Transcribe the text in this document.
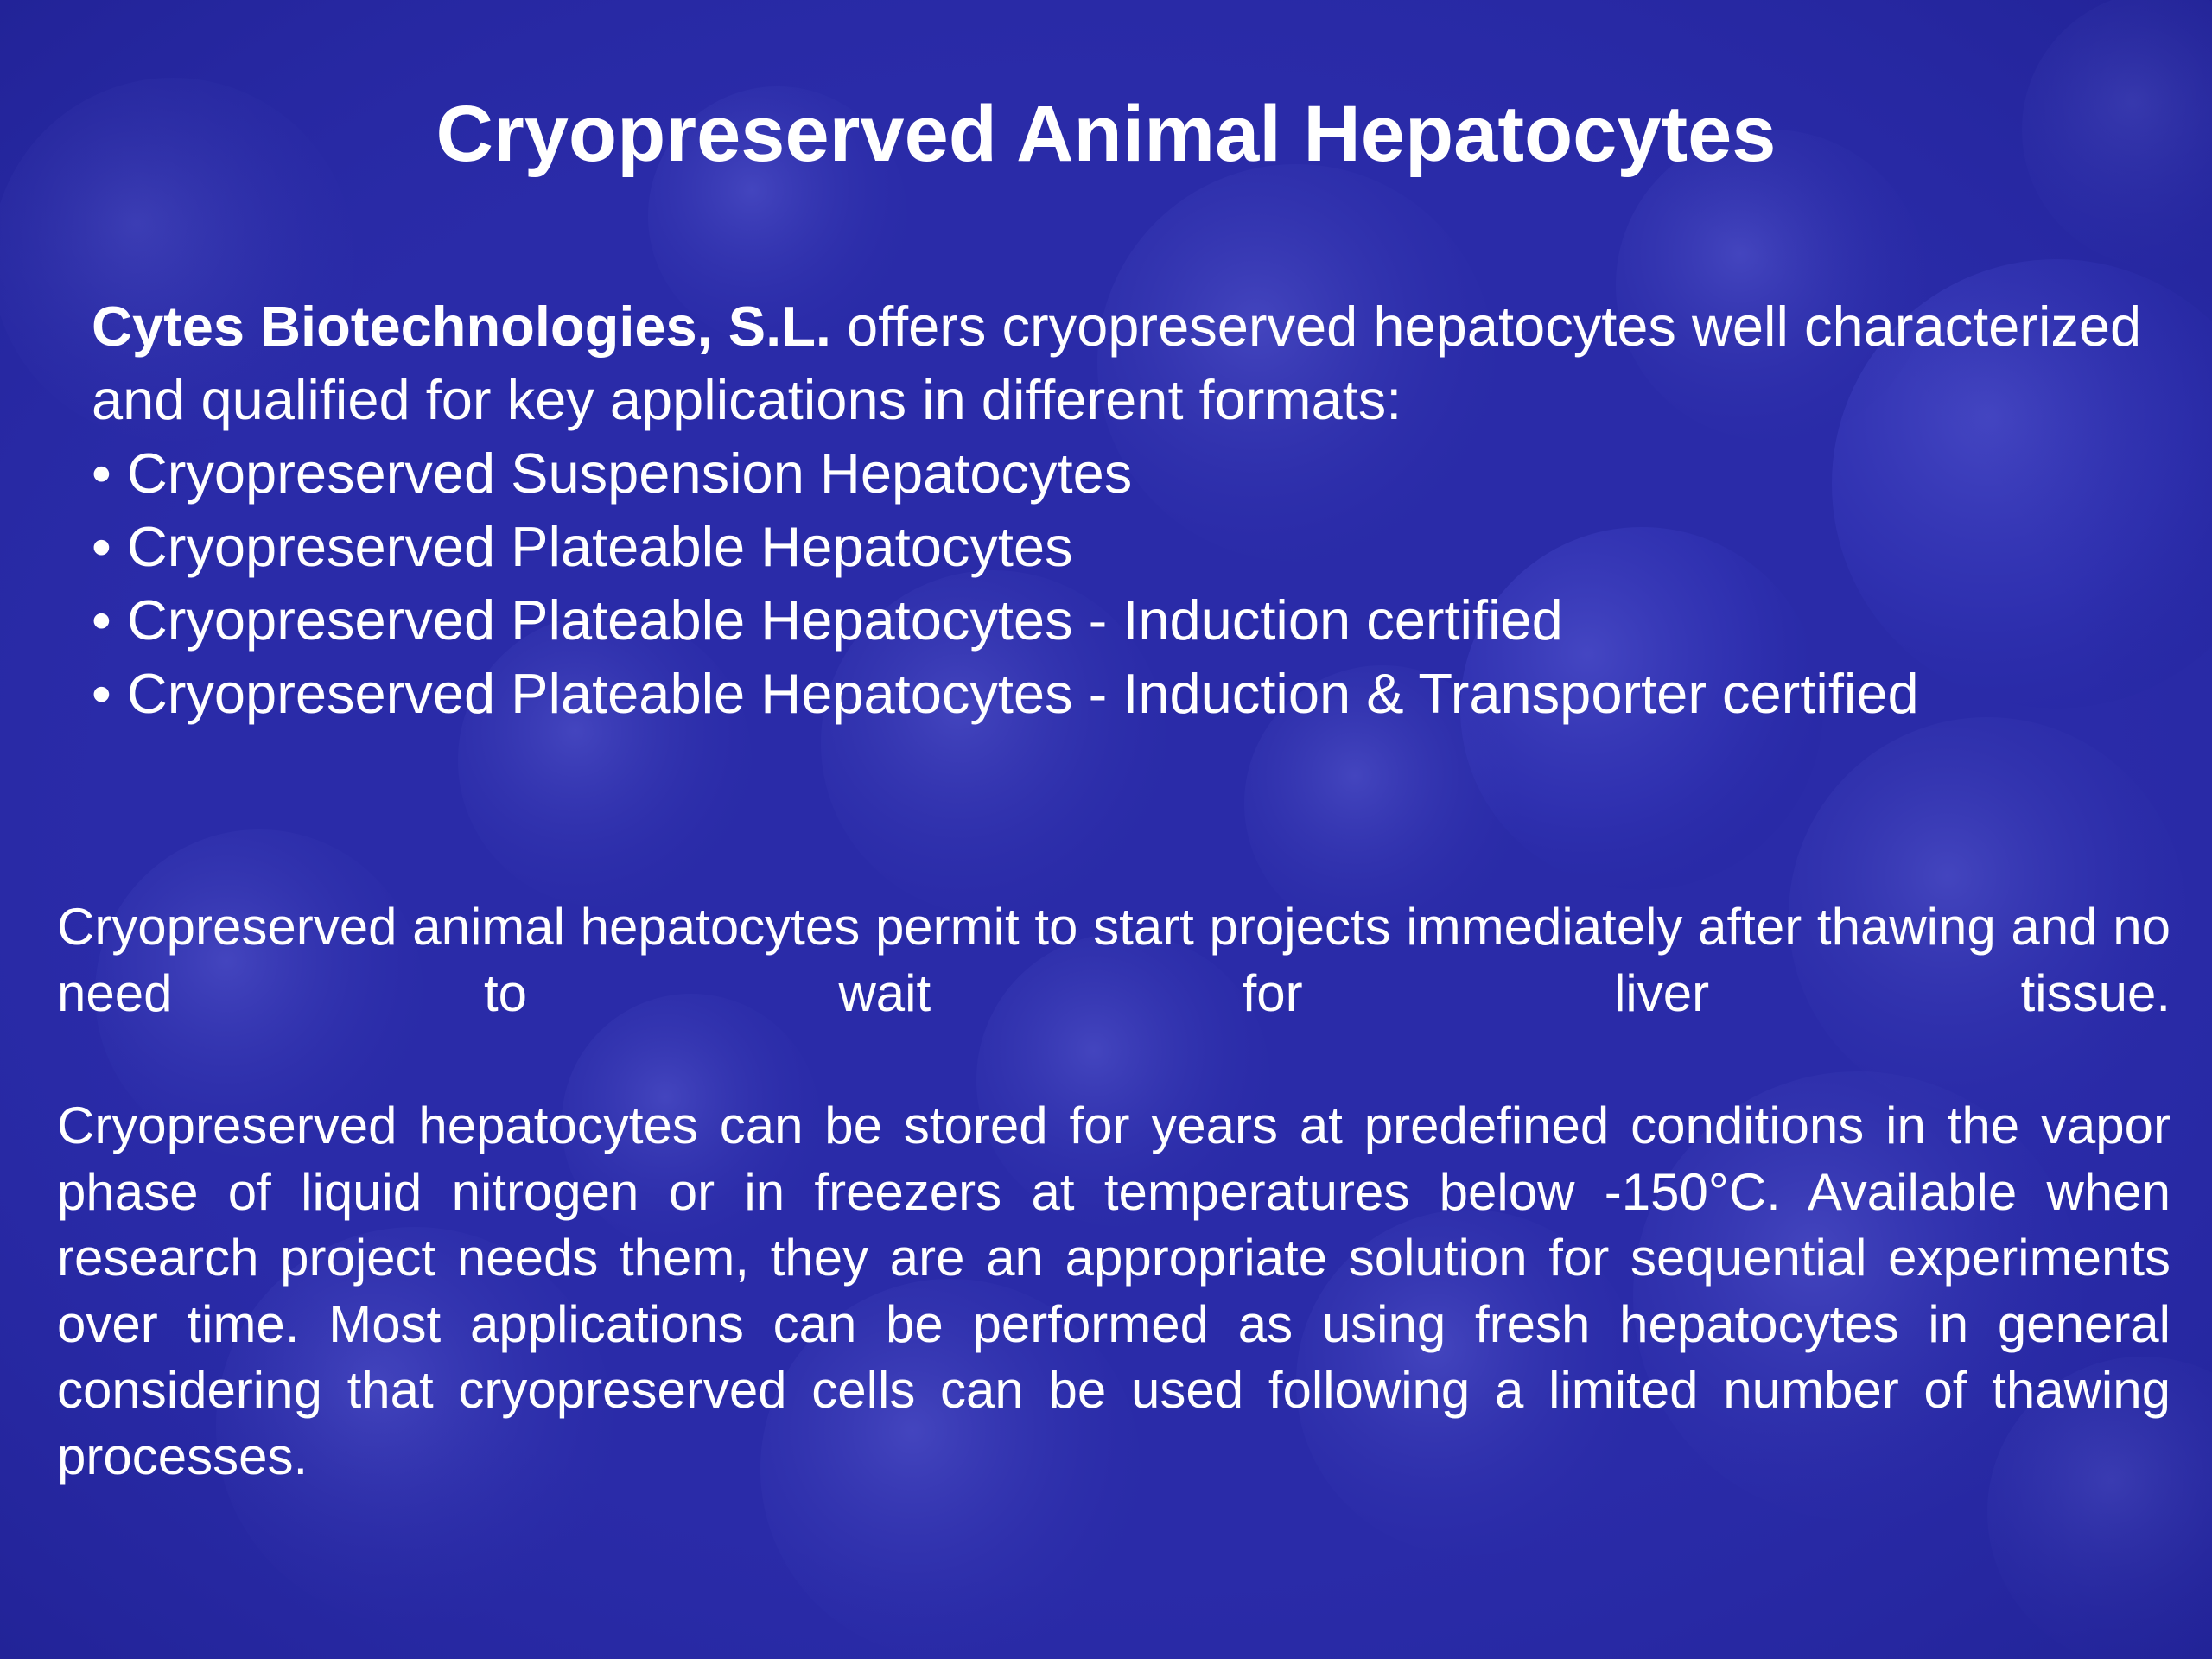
Cryopreserved Animal Hepatocytes

Cytes Biotechnologies, S.L. offers cryopreserved hepatocytes well characterized and qualified for key applications in different formats:

• Cryopreserved Suspension Hepatocytes
• Cryopreserved Plateable Hepatocytes
• Cryopreserved Plateable Hepatocytes - Induction certified
• Cryopreserved Plateable Hepatocytes - Induction & Transporter certified

Cryopreserved animal hepatocytes permit to start projects immediately after thawing and no need to wait for liver tissue.

Cryopreserved hepatocytes can be stored for years at predefined conditions in the vapor phase of liquid nitrogen or in freezers at temperatures below -150°C. Available when research project needs them, they are an appropriate solution for sequential experiments over time. Most applications can be performed as using fresh hepatocytes in general considering that cryopreserved cells can be used following a limited number of thawing processes.
